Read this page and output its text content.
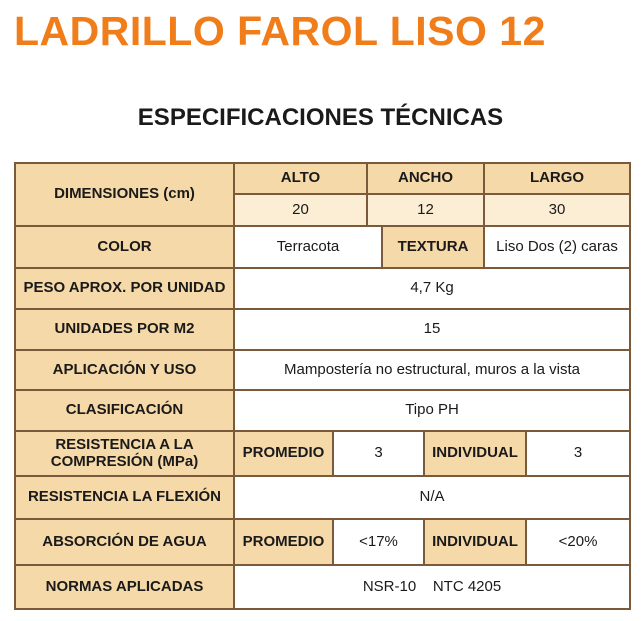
LADRILLO FAROL LISO 12
ESPECIFICACIONES TÉCNICAS
DIMENSIONES (cm)	ALTO		ANCHO			LARGO	
	20		12			30	
COLOR	Terracota			TEXTURA		Liso Dos (2) caras	
PESO APROX. POR UNIDAD	4,7 Kg						
UNIDADES POR M2	15						
APLICACIÓN Y USO	Mampostería no estructural, muros a la vista						
CLASIFICACIÓN	Tipo PH						

RESISTENCIA A LA
COMPRESIÓN (MPa)	PROMEDIO	3			INDIVIDUAL		3
RESISTENCIA LA FLEXIÓN	N/A						
ABSORCIÓN DE AGUA	PROMEDIO	<17%			INDIVIDUAL		<20%
NORMAS APLICADAS	NSR-10    NTC 4205						
